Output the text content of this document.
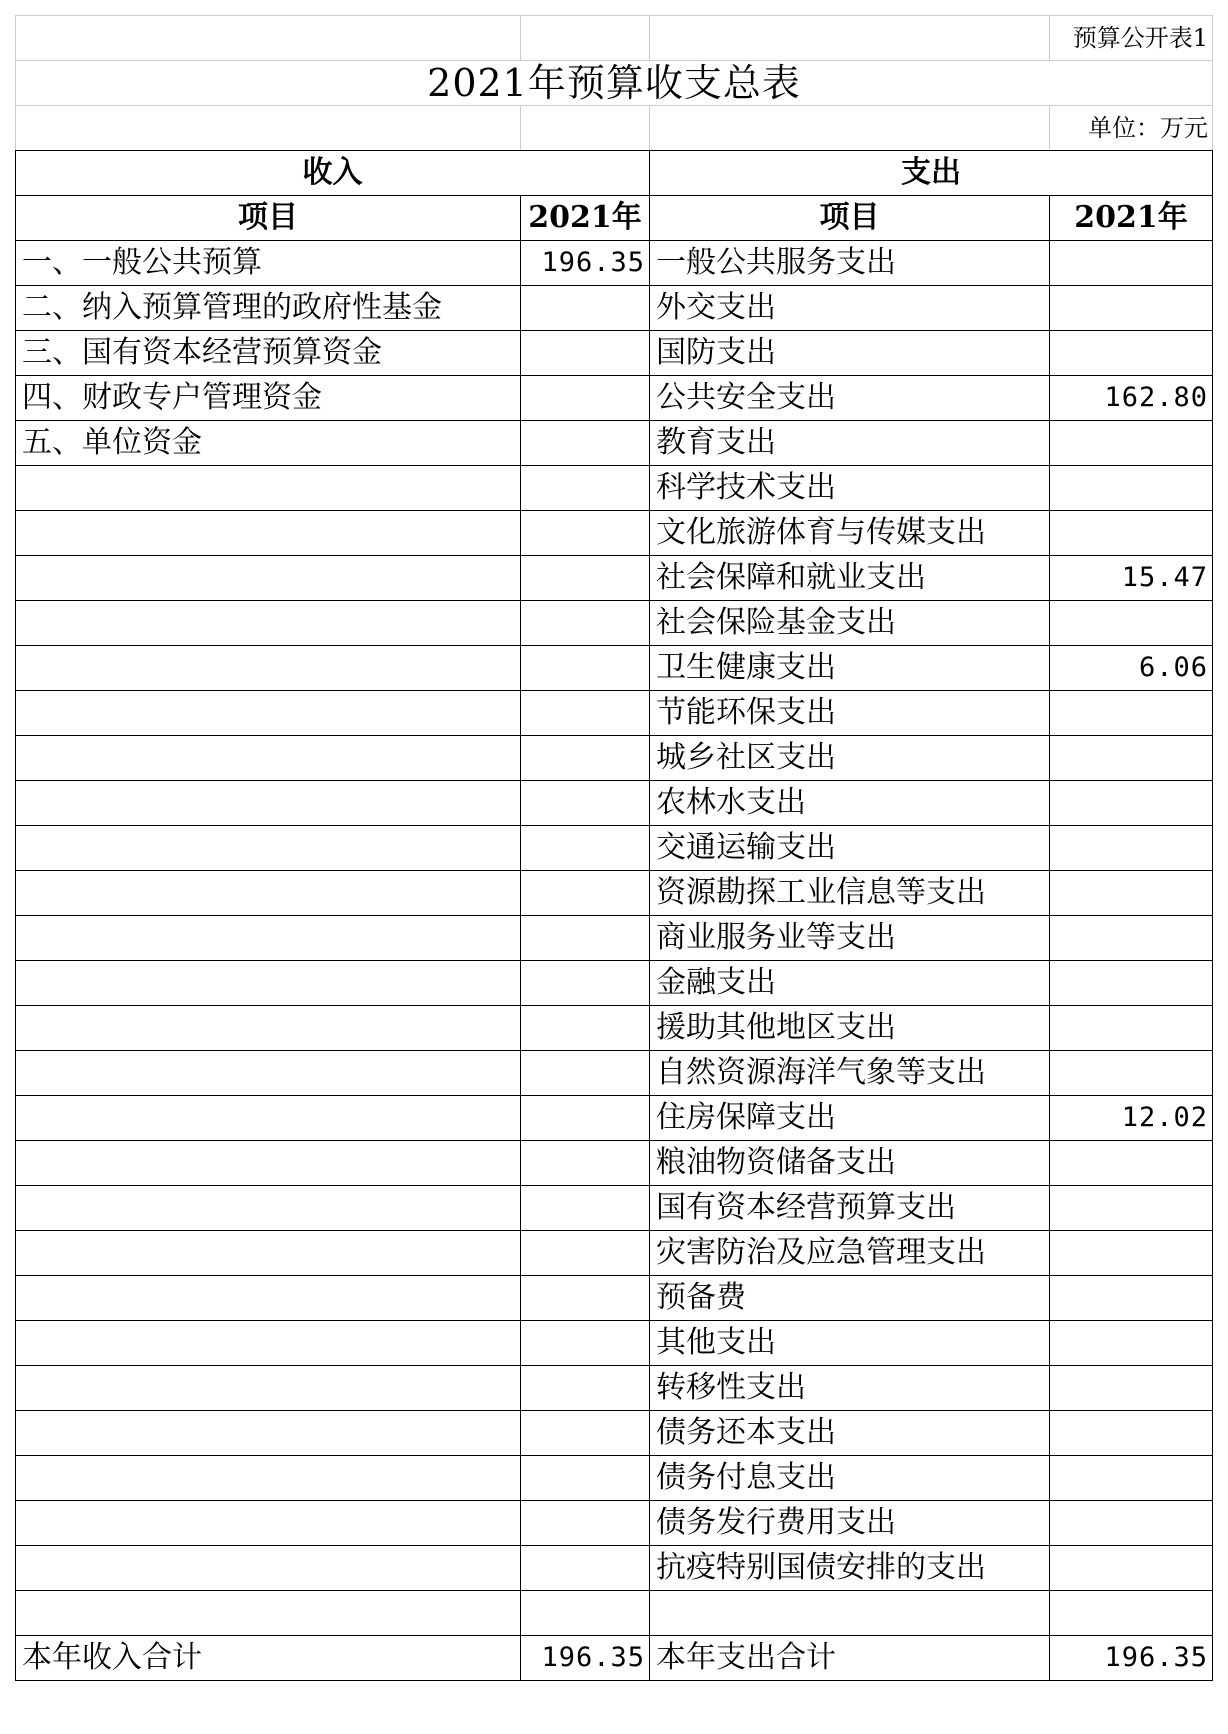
			预算公开表1
2021年预算收支总表			
			单位：万元
收入		支出	
项目	2021年	项目	2021年
一、一般公共预算	196.35	一般公共服务支出	
二、纳入预算管理的政府性基金		外交支出	
三、国有资本经营预算资金		国防支出	
四、财政专户管理资金		公共安全支出	162.80
五、单位资金		教育支出	
		科学技术支出	
		文化旅游体育与传媒支出	
		社会保障和就业支出	15.47
		社会保险基金支出	
		卫生健康支出	6.06
		节能环保支出	
		城乡社区支出	
		农林水支出	
		交通运输支出	
		资源勘探工业信息等支出	
		商业服务业等支出	
		金融支出	
		援助其他地区支出	
		自然资源海洋气象等支出	
		住房保障支出	12.02
		粮油物资储备支出	
		国有资本经营预算支出	
		灾害防治及应急管理支出	
		预备费	
		其他支出	
		转移性支出	
		债务还本支出	
		债务付息支出	
		债务发行费用支出	
		抗疫特别国债安排的支出	

本年收入合计	196.35	本年支出合计	196.35
